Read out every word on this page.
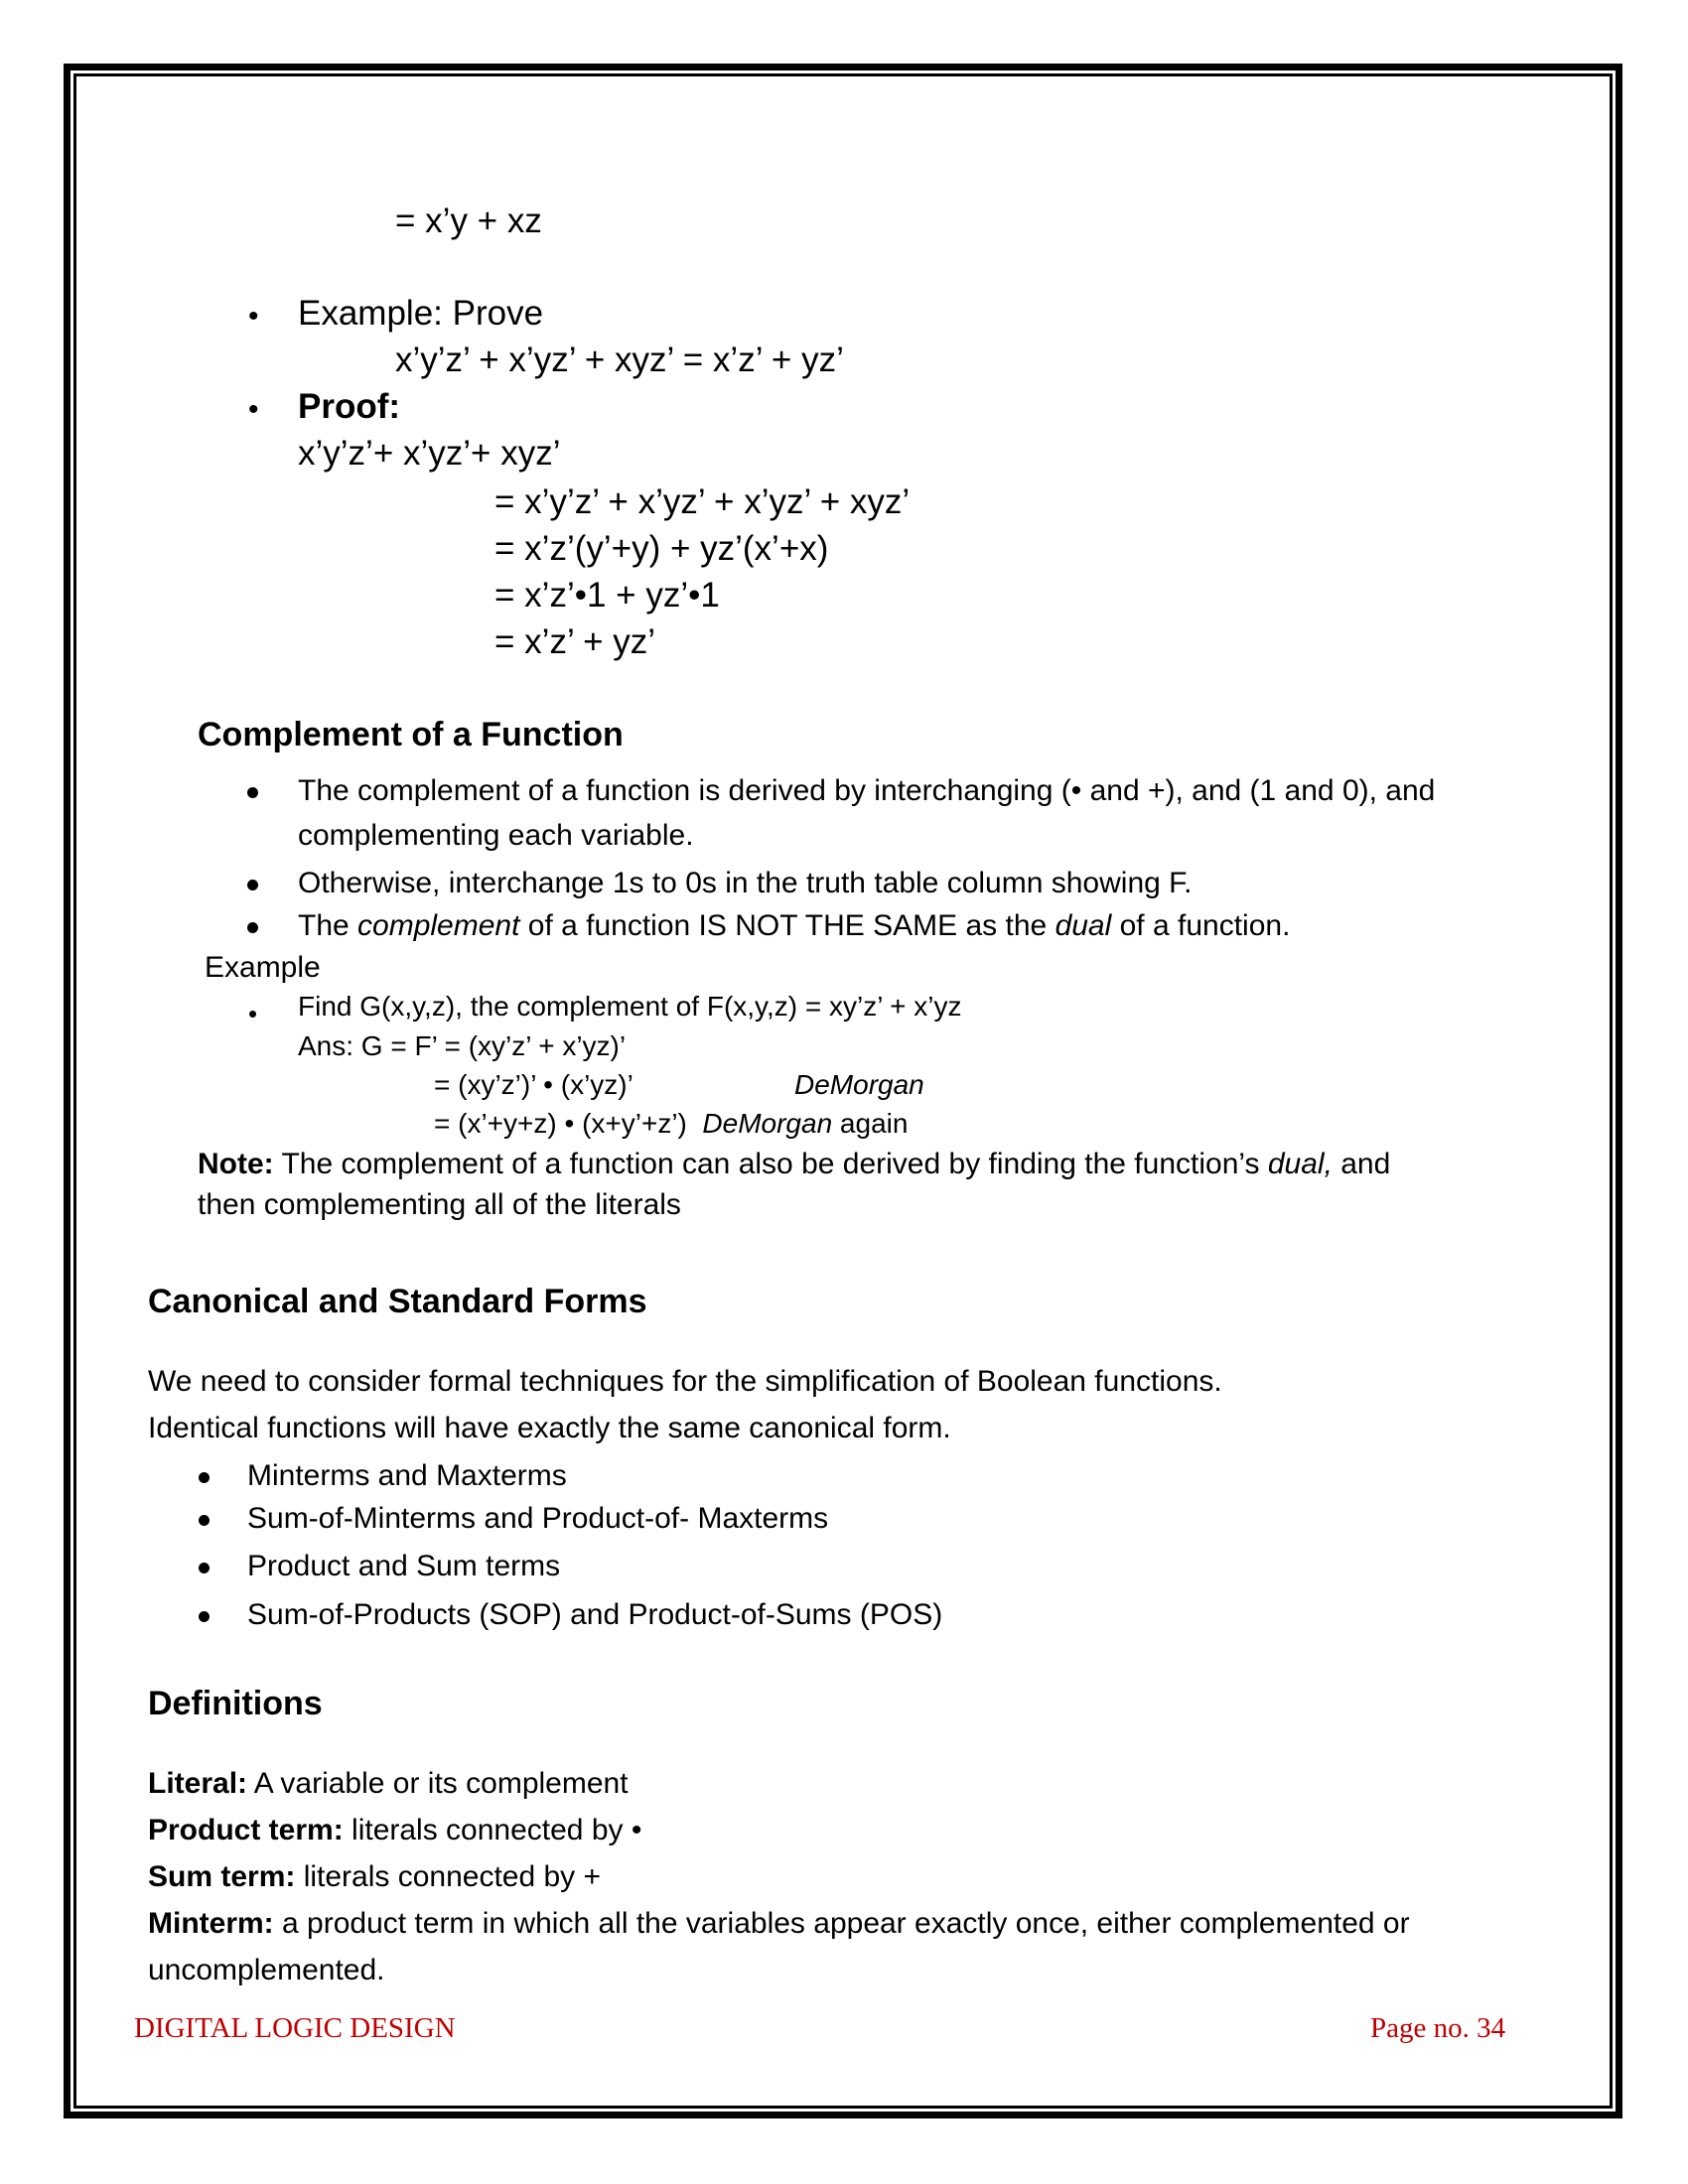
= x’y + xz
• Example: Prove
x’y’z’ + x’yz’ + xyz’ = x’z’ + yz’
• Proof:
x’y’z’+ x’yz’+ xyz’
= x’y’z’ + x’yz’ + x’yz’ + xyz’
= x’z’(y’+y) + yz’(x’+x)
= x’z’•1 + yz’•1
= x’z’ + yz’
Complement of a Function
The complement of a function is derived by interchanging (• and +), and (1 and 0), and
complementing each variable.
Otherwise, interchange 1s to 0s in the truth table column showing F.
The complement of a function IS NOT THE SAME as the dual of a function.
Example
• Find G(x,y,z), the complement of F(x,y,z) = xy’z’ + x’yz
Ans: G = F’ = (xy’z’ + x’yz)’
= (xy’z’)’ • (x’yz)’	DeMorgan
= (x’+y+z) • (x+y’+z’) DeMorgan again
Note: The complement of a function can also be derived by finding the function’s dual, and
then complementing all of the literals
Canonical and Standard Forms
We need to consider formal techniques for the simplification of Boolean functions.
Identical functions will have exactly the same canonical form.
Minterms and Maxterms
Sum-of-Minterms and Product-of- Maxterms
Product and Sum terms
Sum-of-Products (SOP) and Product-of-Sums (POS)
Definitions
Literal: A variable or its complement
Product term: literals connected by •
Sum term: literals connected by +
Minterm: a product term in which all the variables appear exactly once, either complemented or
uncomplemented.
DIGITAL LOGIC DESIGN	Page no. 34
